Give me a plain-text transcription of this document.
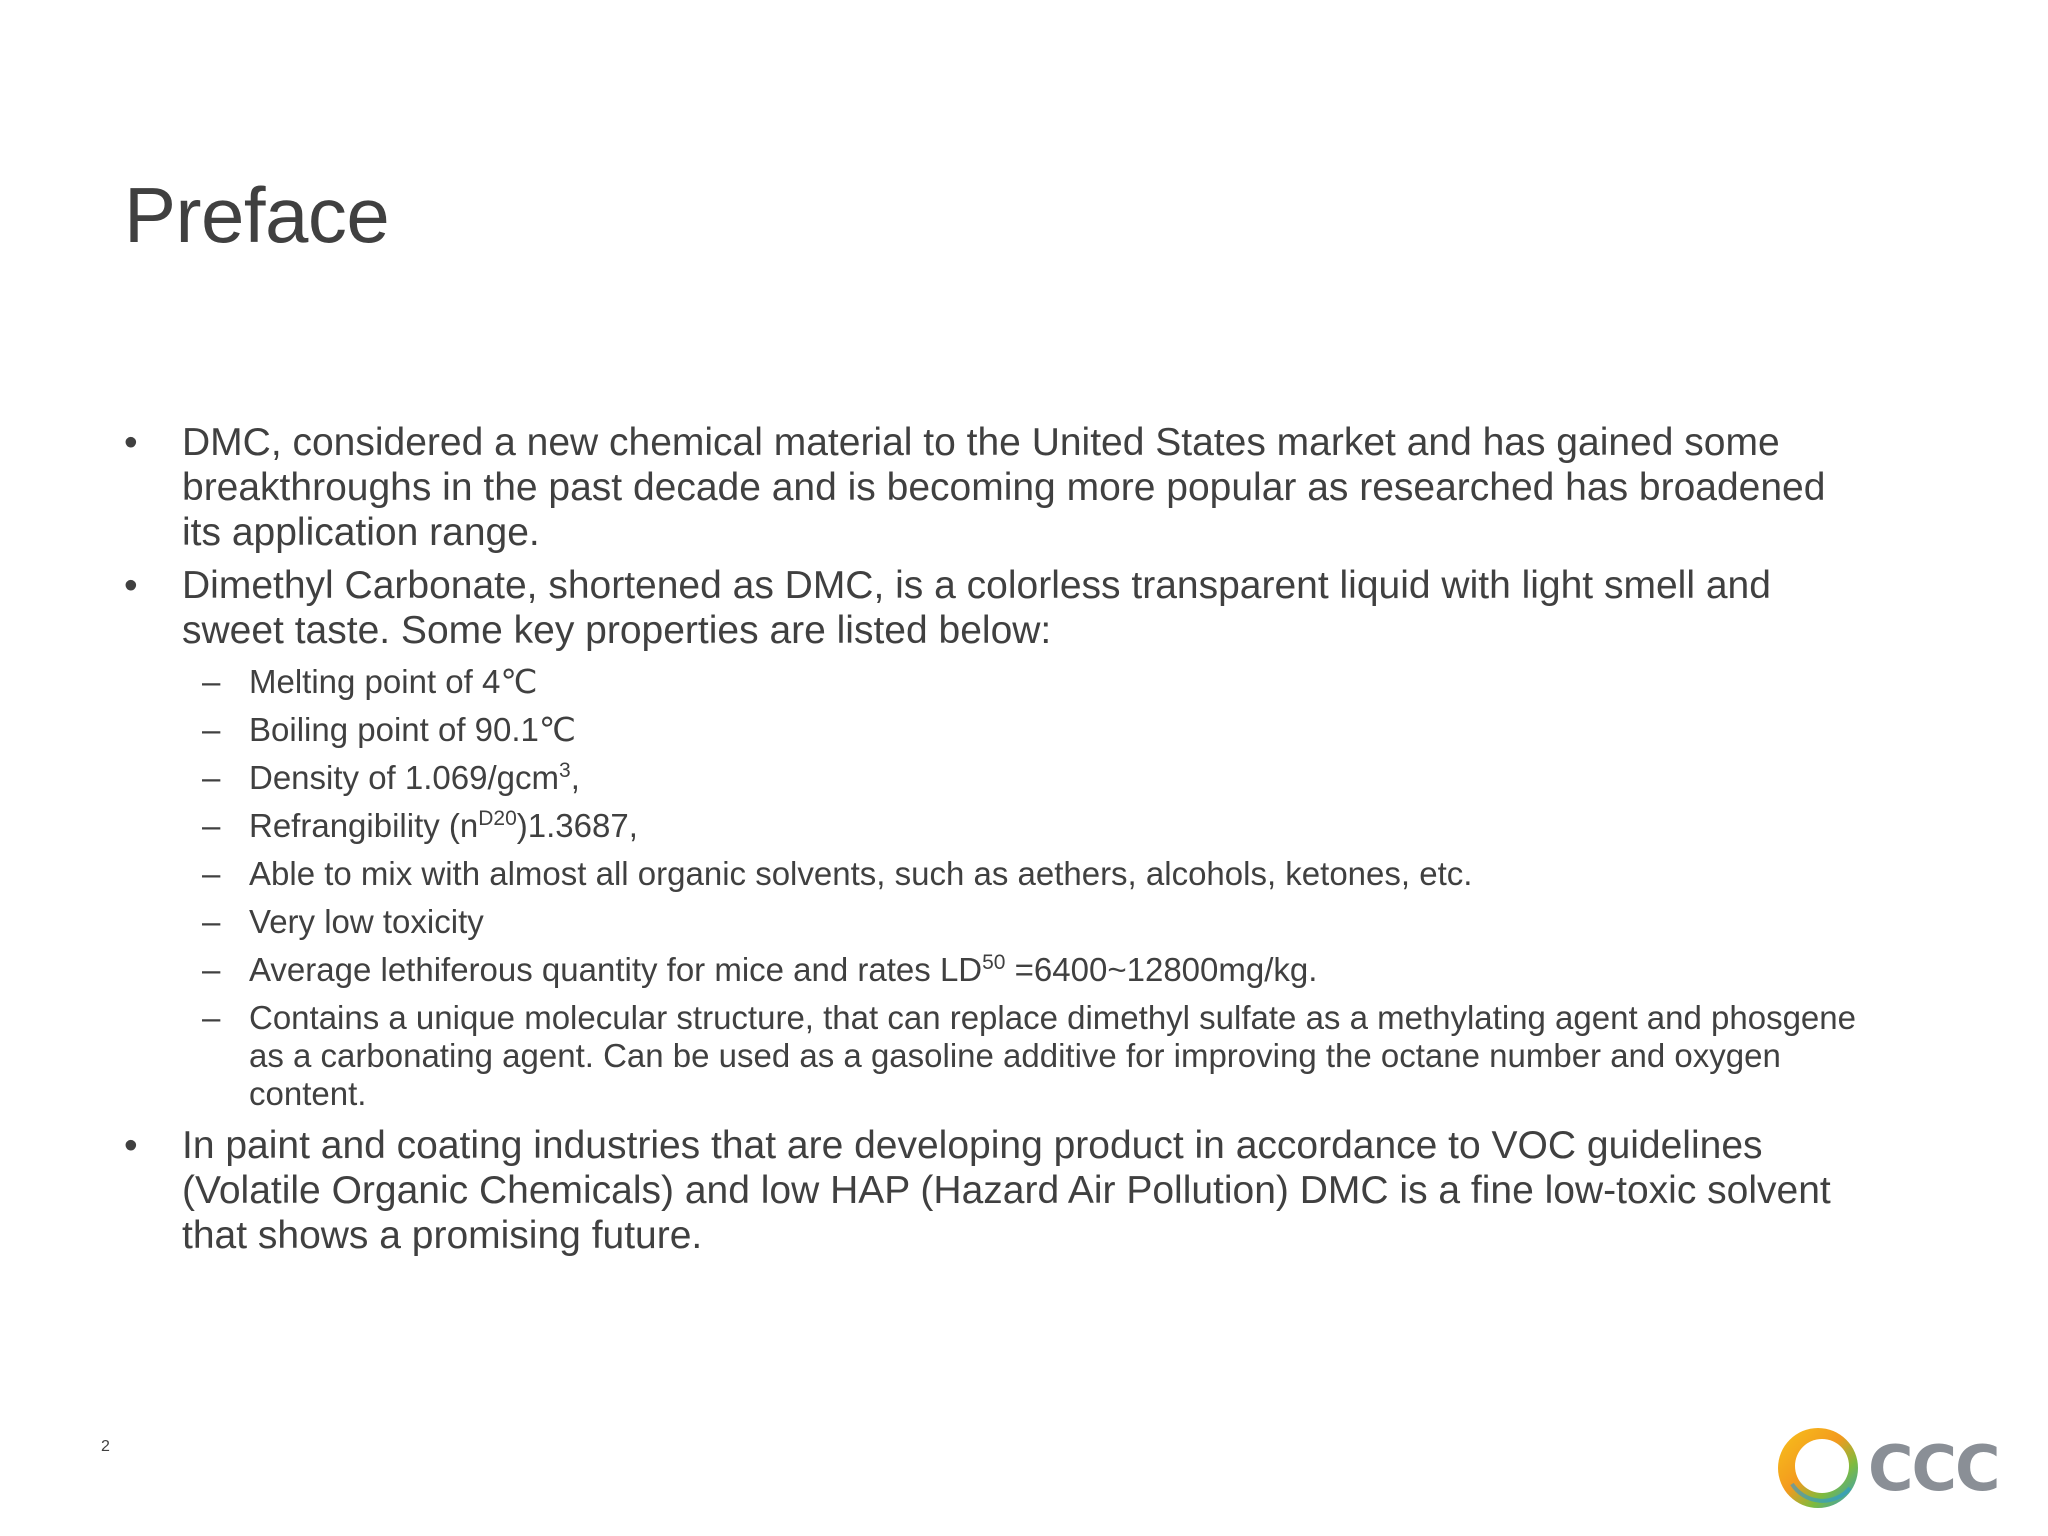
Preface
• DMC, considered a new chemical material to the United States market and has gained some breakthroughs in the past decade and is becoming more popular as researched has broadened its application range.
• Dimethyl Carbonate, shortened as DMC, is a colorless transparent liquid with light smell and sweet taste. Some key properties are listed below:
– Melting point of 4℃
– Boiling point of 90.1℃
– Density of 1.069/gcm$^3$,
– Refrangibility $(n^{D20})1.3687$,
– Able to mix with almost all organic solvents, such as aethers, alcohols, ketones, etc.
– Very low toxicity
– Average lethiferous quantity for mice and rates $LD^{50}$ =6400~12800mg/kg.
– Contains a unique molecular structure, that can replace dimethyl sulfate as a methylating agent and phosgene as a carbonating agent. Can be used as a gasoline additive for improving the octane number and oxygen content.
• In paint and coating industries that are developing product in accordance to VOC guidelines (Volatile Organic Chemicals) and low HAP (Hazard Air Pollution) DMC is a fine low-toxic solvent that shows a promising future.
2	CCC
